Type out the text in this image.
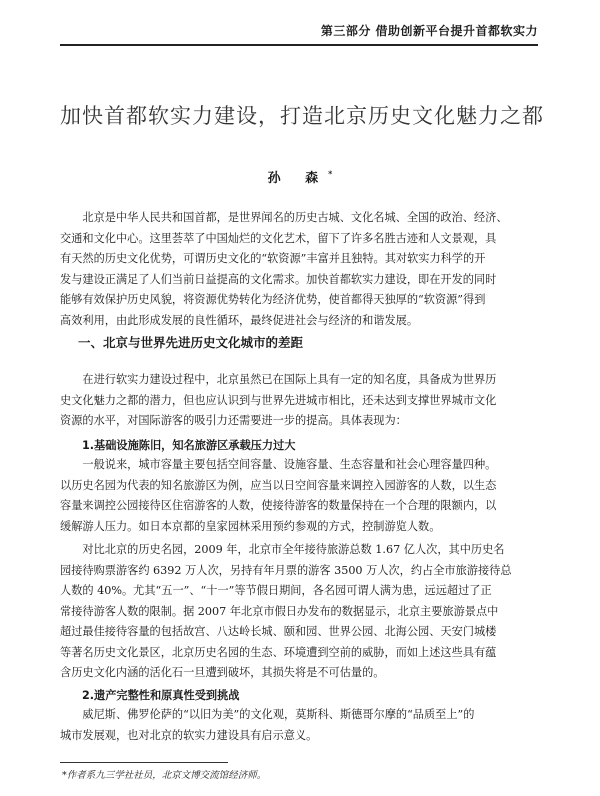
第三部分 借助创新平台提升首都软实力
加快首都软实力建设，打造北京历史文化魅力之都
孙 森*

北京是中华人民共和国首都，是世界闻名的历史古城、文化名城、全国的政治、经济、
交通和文化中心。这里荟萃了中国灿烂的文化艺术，留下了许多名胜古迹和人文景观，具
有天然的历史文化优势，可谓历史文化的“软资源”丰富并且独特。其对软实力科学的开
发与建设正满足了人们当前日益提高的文化需求。加快首都软实力建设，即在开发的同时
能够有效保护历史风貌，将资源优势转化为经济优势，使首都得天独厚的“软资源”得到
高效利用，由此形成发展的良性循环，最终促进社会与经济的和谐发展。

一、北京与世界先进历史文化城市的差距

在进行软实力建设过程中，北京虽然已在国际上具有一定的知名度，具备成为世界历
史文化魅力之都的潜力，但也应认识到与世界先进城市相比，还未达到支撑世界城市文化
资源的水平，对国际游客的吸引力还需要进一步的提高。具体表现为：

1.基础设施陈旧，知名旅游区承载压力过大

一般说来，城市容量主要包括空间容量、设施容量、生态容量和社会心理容量四种。
以历史名园为代表的知名旅游区为例，应当以日空间容量来调控入园游客的人数，以生态
容量来调控公园接待区住宿游客的人数，使接待游客的数量保持在一个合理的限额内，以
缓解游人压力。如日本京都的皇家园林采用预约参观的方式，控制游览人数。

对比北京的历史名园，2009 年，北京市全年接待旅游总数 1.67 亿人次，其中历史名
园接待购票游客约 6392 万人次，另持有年月票的游客 3500 万人次，约占全市旅游接待总
人数的 40%。尤其“五一”、“十一”等节假日期间，各名园可谓人满为患，远远超过了正
常接待游客人数的限制。据 2007 年北京市假日办发布的数据显示，北京主要旅游景点中
超过最佳接待容量的包括故宫、八达岭长城、颐和园、世界公园、北海公园、天安门城楼
等著名历史文化景区，北京历史名园的生态、环境遭到空前的威胁，而如上述这些具有蕴
含历史文化内涵的活化石一旦遭到破坏，其损失将是不可估量的。

2.遗产完整性和原真性受到挑战

威尼斯、佛罗伦萨的“以旧为美”的文化观，莫斯科、斯德哥尔摩的“品质至上”的
城市发展观，也对北京的软实力建设具有启示意义。

*作者系九三学社社员，北京文博交流馆经济师。
